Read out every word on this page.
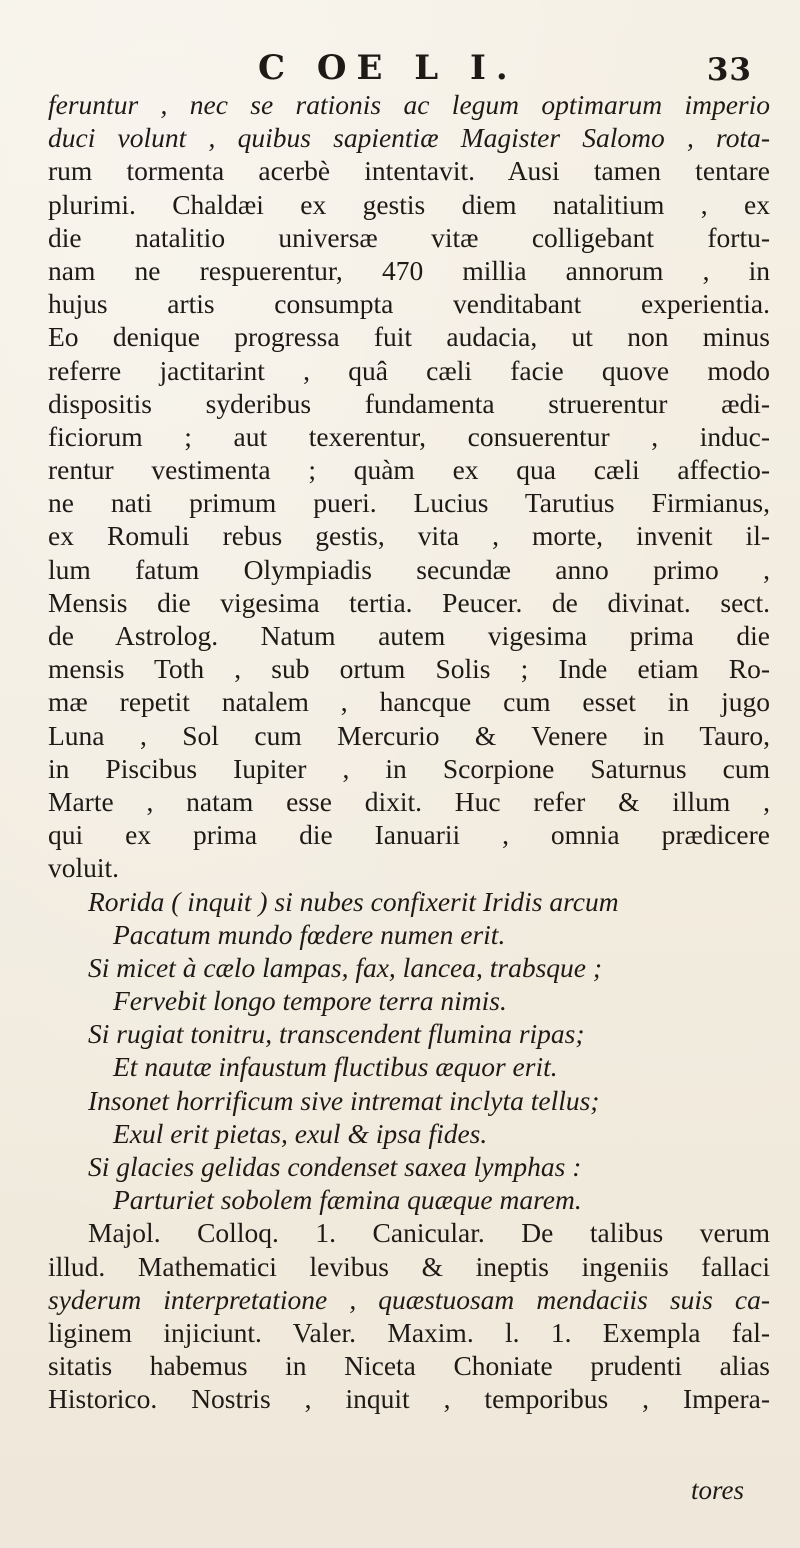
C OE L I.	33
feruntur , nec se rationis ac legum optimarum imperio
duci volunt , quibus sapientiæ Magister Salomo , rota-
rum tormenta acerbè intentavit. Ausi tamen tentare
plurimi. Chaldæi ex gestis diem natalitium , ex
die natalitio universæ vitæ colligebant fortu-
nam ne respuerentur, 470 millia annorum , in
hujus artis consumpta venditabant experientia.
Eo denique progressa fuit audacia, ut non minus
referre jactitarint , quâ cæli facie quove modo
dispositis syderibus fundamenta struerentur ædi-
ficiorum ; aut texerentur, consuerentur , induc-
rentur vestimenta ; quàm ex qua cæli affectio-
ne nati primum pueri. Lucius Tarutius Firmianus,
ex Romuli rebus gestis, vita , morte, invenit il-
lum fatum Olympiadis secundæ anno primo ,
Mensis die vigesima tertia. Peucer. de divinat. sect.
de Astrolog. Natum autem vigesima prima die
mensis Toth , sub ortum Solis ; Inde etiam Ro-
mæ repetit natalem , hancque cum esset in jugo
Luna , Sol cum Mercurio & Venere in Tauro,
in Piscibus Iupiter , in Scorpione Saturnus cum
Marte , natam esse dixit. Huc refer & illum ,
qui ex prima die Ianuarii , omnia prædicere
voluit.
Rorida ( inquit ) si nubes confixerit Iridis arcum
Pacatum mundo fœdere numen erit.
Si micet à cælo lampas, fax, lancea, trabsque ;
Fervebit longo tempore terra nimis.
Si rugiat tonitru, transcendent flumina ripas;
Et nautæ infaustum fluctibus æquor erit.
Insonet horrificum sive intremat inclyta tellus;
Exul erit pietas, exul & ipsa fides.
Si glacies gelidas condenset saxea lymphas :
Parturiet sobolem fæmina quæque marem.
Majol. Colloq. 1. Canicular. De talibus verum
illud. Mathematici levibus & ineptis ingeniis fallaci
syderum interpretatione , quæstuosam mendaciis suis ca-
liginem injiciunt. Valer. Maxim. l. 1. Exempla fal-
sitatis habemus in Niceta Choniate prudenti alias
Historico. Nostris , inquit , temporibus , Impera-
tores
